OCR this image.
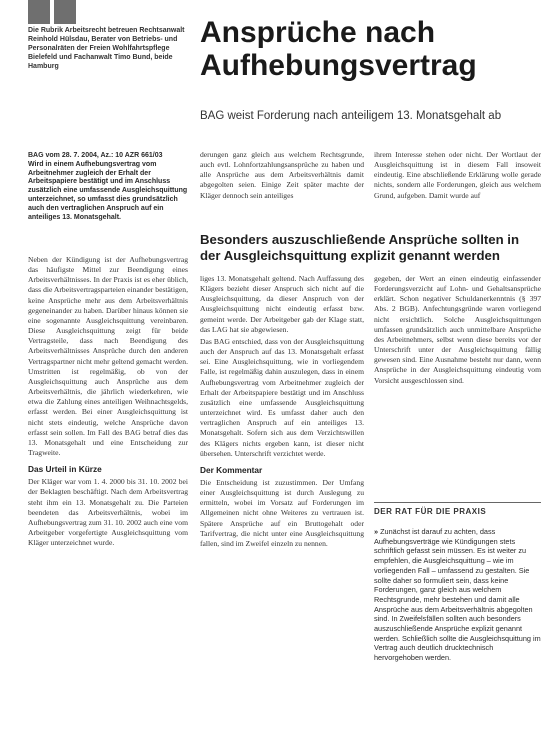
Die Rubrik Arbeitsrecht betreuen Rechtsanwalt Reinhold Hülsdau, Berater von Betriebs- und Personalräten der Freien Wohlfahrtspflege Bielefeld und Fachanwalt Timo Bund, beide Hamburg
Ansprüche nach
Aufhebungsvertrag
BAG weist Forderung nach anteiligem 13. Monatsgehalt ab
BAG vom 28. 7. 2004, Az.: 10 AZR 661/03
Wird in einem Aufhebungsvertrag vom Arbeitnehmer zugleich der Erhalt der Arbeitspapiere bestätigt und im Anschluss zusätzlich eine umfassende Ausgleichsquittung unterzeichnet, so umfasst dies grundsätzlich auch den vertraglichen Anspruch auf ein anteiliges 13. Monatsgehalt.

Neben der Kündigung ist der Aufhebungsvertrag das häufigste Mittel zur Beendigung eines Arbeitsverhältnisses. In der Praxis ist es eher üblich, dass die Arbeitsvertragsparteien einander bestätigen, keine Ansprüche mehr aus dem Arbeitsverhältnis gegeneinander zu haben. Darüber hinaus können sie eine sogenannte Ausgleichsquittung vereinbaren. Diese Ausgleichsquittung zeigt für beide Vertragsteile, dass nach Beendigung des Arbeitsverhältnisses Ansprüche durch den anderen Vertragspartner nicht mehr geltend gemacht werden. Umstritten ist regelmäßig, ob von der Ausgleichsquittung auch Ansprüche aus dem Arbeitsverhältnis, die jährlich wiederkehren, wie etwa die Zahlung eines anteiligen Weihnachtsgelds, erfasst werden. Bei einer Ausgleichsquittung ist nicht stets eindeutig, welche Ansprüche davon erfasst sein sollen. Im Fall des BAG betraf dies das 13. Monatsgehalt und eine Entscheidung zur Tragweite.

Das Urteil in Kürze

Der Kläger war vom 1. 4. 2000 bis 31. 10. 2002 bei der Beklagten beschäftigt. Nach dem Arbeitsvertrag steht ihm ein 13. Monatsgehalt zu. Die Parteien beendeten das Arbeitsverhältnis, wobei im Aufhebungsvertrag zum 31. 10. 2002 auch eine vom Arbeitgeber vorgefertigte Ausgleichsquittung vom Kläger unterzeichnet wurde.

derungen ganz gleich aus welchem Rechtsgrunde, auch evtl. Lohnfortzahlungsansprüche zu haben und alle Ansprüche aus dem Arbeitsverhältnis damit abgegolten seien. Einige Zeit später machte der Kläger dennoch sein anteiliges

ihrem Interesse stehen oder nicht. Der Wortlaut der Ausgleichsquittung ist in diesem Fall insoweit eindeutig. Eine abschließende Erklärung wolle gerade nichts, sondern alle Forderungen, gleich aus welchem Grund, aufgeben. Damit wurde auf

Besonders auszuschließende Ansprüche sollten in der Ausgleichsquittung explizit genannt werden

liges 13. Monatsgehalt geltend. Nach Auffassung des Klägers bezieht dieser Anspruch sich nicht auf die Ausgleichsquittung, da dieser Anspruch von der Ausgleichsquittung nicht eindeutig erfasst bzw. gemeint werde. Der Arbeitgeber gab der Klage statt, das LAG hat sie abgewiesen.

Das BAG entschied, dass von der Ausgleichsquittung auch der Anspruch auf das 13. Monatsgehalt erfasst sei. Eine Ausgleichsquittung, wie in vorliegendem Falle, ist regelmäßig dahin auszulegen, dass in einem Aufhebungsvertrag vom Arbeitnehmer zugleich der Erhalt der Arbeitspapiere bestätigt und im Anschluss zusätzlich eine umfassende Ausgleichsquittung unterzeichnet wird. Es umfasst daher auch den vertraglichen Anspruch auf ein anteiliges 13. Monatsgehalt. Sofern sich aus dem Verzichtswillen des Klägers nichts ergeben kann, ist dieser nicht übersehen. Unterschrift verzichtet werde.

Der Kommentar

Die Entscheidung ist zuzustimmen. Der Umfang einer Ausgleichsquittung ist durch Auslegung zu ermitteln, wobei im Vorsatz auf Forderungen im Allgemeinen nicht ohne Weiteres zu vertrauen ist. Spätere Ansprüche auf ein Bruttogehalt oder Tarifvertrag, die nicht unter eine Ausgleichsquittung fallen, sind im Zweifel einzeln zu nennen.

gegeben, der Wert an einen eindeutig einfassender Forderungsverzicht auf Lohn- und Gehaltsansprüche erklärt. Schon negativer Schuldanerkenntnis (§ 397 Abs. 2 BGB). Anfechtungsgründe waren vorliegend nicht ersichtlich. Solche Ausgleichsquittungen umfassen grundsätzlich auch unmittelbare Ansprüche des Arbeitnehmers, selbst wenn diese bereits vor der Unterschrift unter der Ausgleichsquittung fällig gewesen sind. Eine Ausnahme besteht nur dann, wenn Ansprüche in der Ausgleichsquittung eindeutig vom Vorsicht ausgeschlossen sind.

DER RAT FÜR DIE PRAXIS
» Zunächst ist darauf zu achten, dass Aufhebungsverträge wie Kündigungen stets schriftlich gefasst sein müssen. Es ist weiter zu empfehlen, die Ausgleichsquittung – wie im vorliegenden Fall – umfassend zu gestalten. Sie sollte daher so formuliert sein, dass keine Forderungen, ganz gleich aus welchem Rechtsgrunde, mehr bestehen und damit alle Ansprüche aus dem Arbeitsverhältnis abgegolten sind. In Zweifelsfällen sollten auch besonders auszuschließende Ansprüche explizit genannt werden. Schließlich sollte die Ausgleichsquittung im Vertrag auch deutlich drucktechnisch hervorgehoben werden.
